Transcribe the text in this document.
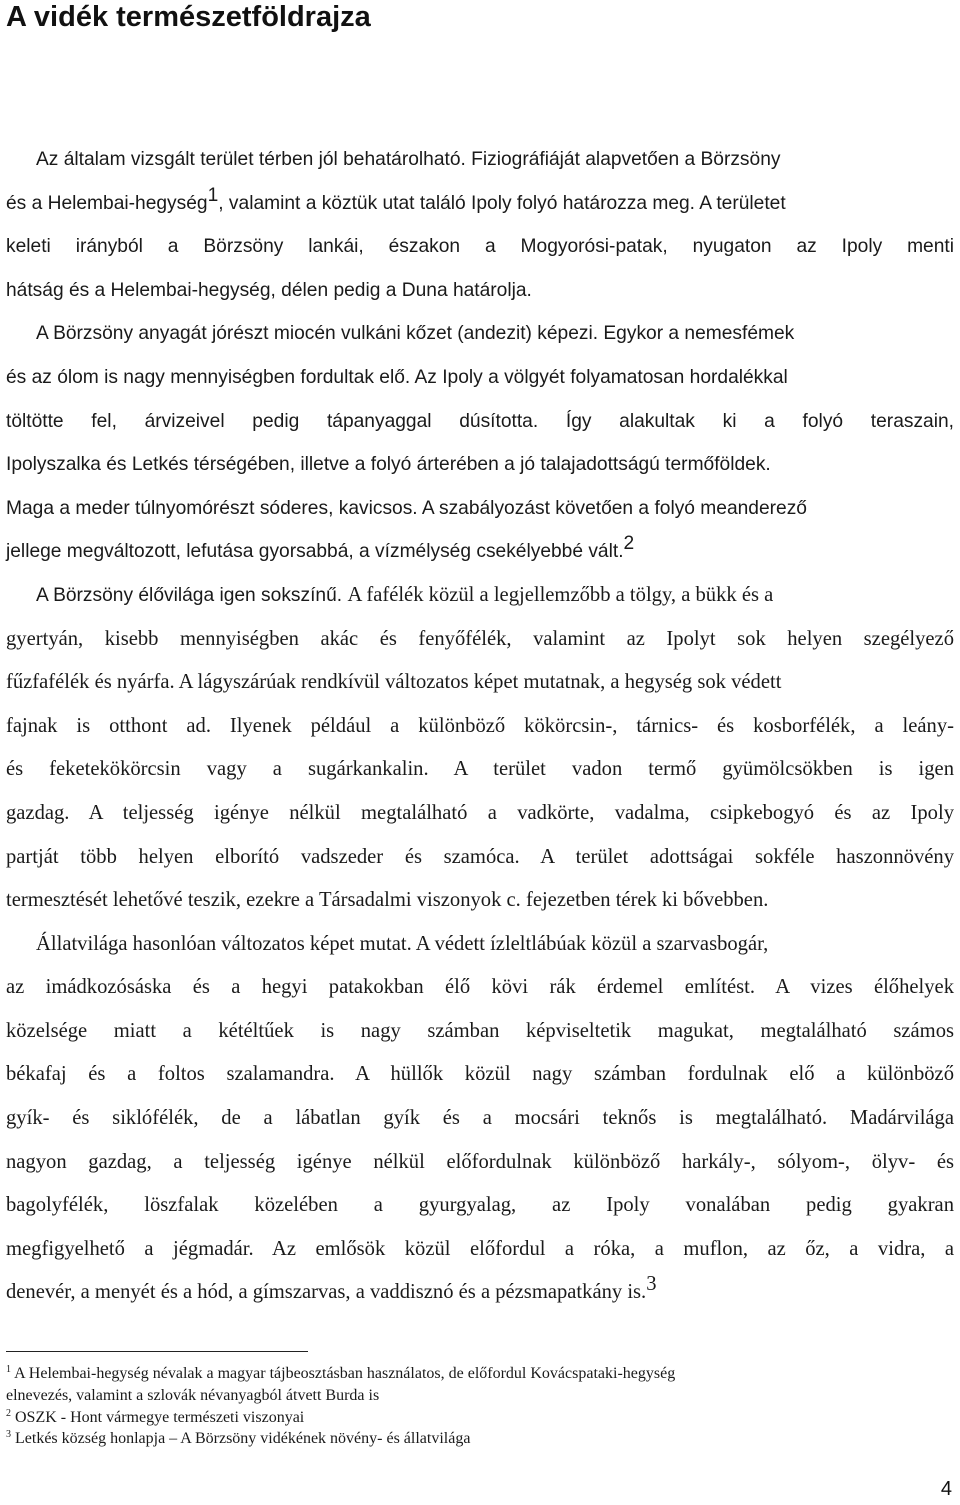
A vidék természetföldrajza
Az általam vizsgált terület térben jól behatárolható. Fiziográfiáját alapvetően a Börzsöny
és a Helembai-hegység$^1$, valamint a köztük utat találó Ipoly folyó határozza meg. A területet
keleti irányból a Börzsöny lankái, északon a Mogyorósi-patak, nyugaton az Ipoly menti
hátság és a Helembai-hegység, délen pedig a Duna határolja.
A Börzsöny anyagát jórészt miocén vulkáni kőzet (andezit) képezi. Egykor a nemesfémek
és az ólom is nagy mennyiségben fordultak elő. Az Ipoly a völgyét folyamatosan hordalékkal
töltötte fel, árvizeivel pedig tápanyaggal dúsította. Így alakultak ki a folyó teraszain,
Ipolyszalka és Letkés térségében, illetve a folyó árterében a jó talajadottságú termőföldek.
Maga a meder túlnyomórészt sóderes, kavicsos. A szabályozást követően a folyó meanderező
jellege megváltozott, lefutása gyorsabbá, a vízmélység csekélyebbé vált.$^2$
A Börzsöny élővilága igen sokszínű. A fafélék közül a legjellemzőbb a tölgy, a bükk és a
gyertyán, kisebb mennyiségben akác és fenyőfélék, valamint az Ipolyt sok helyen szegélyező
fűzfafélék és nyárfa. A lágyszárúak rendkívül változatos képet mutatnak, a hegység sok védett
fajnak is otthont ad. Ilyenek például a különböző kökörcsin-, tárnics- és kosborfélék, a leány-
és feketekökörcsin vagy a sugárkankalin. A terület vadon termő gyümölcsökben is igen
gazdag. A teljesség igénye nélkül megtalálható a vadkörte, vadalma, csipkebogyó és az Ipoly
partját több helyen elborító vadszeder és szamóca. A terület adottságai sokféle haszonnövény
termesztését lehetővé teszik, ezekre a Társadalmi viszonyok c. fejezetben térek ki bővebben.
Állatvilága hasonlóan változatos képet mutat. A védett ízleltlábúak közül a szarvasbogár,
az imádkozósáska és a hegyi patakokban élő kövi rák érdemel említést. A vizes élőhelyek
közelsége miatt a kétéltűek is nagy számban képviseltetik magukat, megtalálható számos
békafaj és a foltos szalamandra. A hüllők közül nagy számban fordulnak elő a különböző
gyík- és siklófélék, de a lábatlan gyík és a mocsári teknős is megtalálható. Madárvilága
nagyon gazdag, a teljesség igénye nélkül előfordulnak különböző harkály-, sólyom-, ölyv- és
bagolyfélék, löszfalak közelében a gyurgyalag, az Ipoly vonalában pedig gyakran
megfigyelhető a jégmadár. Az emlősök közül előfordul a róka, a muflon, az őz, a vidra, a
denevér, a menyét és a hód, a gímszarvas, a vaddisznó és a pézsmapatkány is.$^3$
$^1$ A Helembai-hegység névalak a magyar tájbeosztásban használatos, de előfordul Kovácspataki-hegység
elnevezés, valamint a szlovák névanyagból átvett Burda is
$^2$ OSZK - Hont vármegye természeti viszonyai
$^3$ Letkés község honlapja – A Börzsöny vidékének növény- és állatvilága
4
